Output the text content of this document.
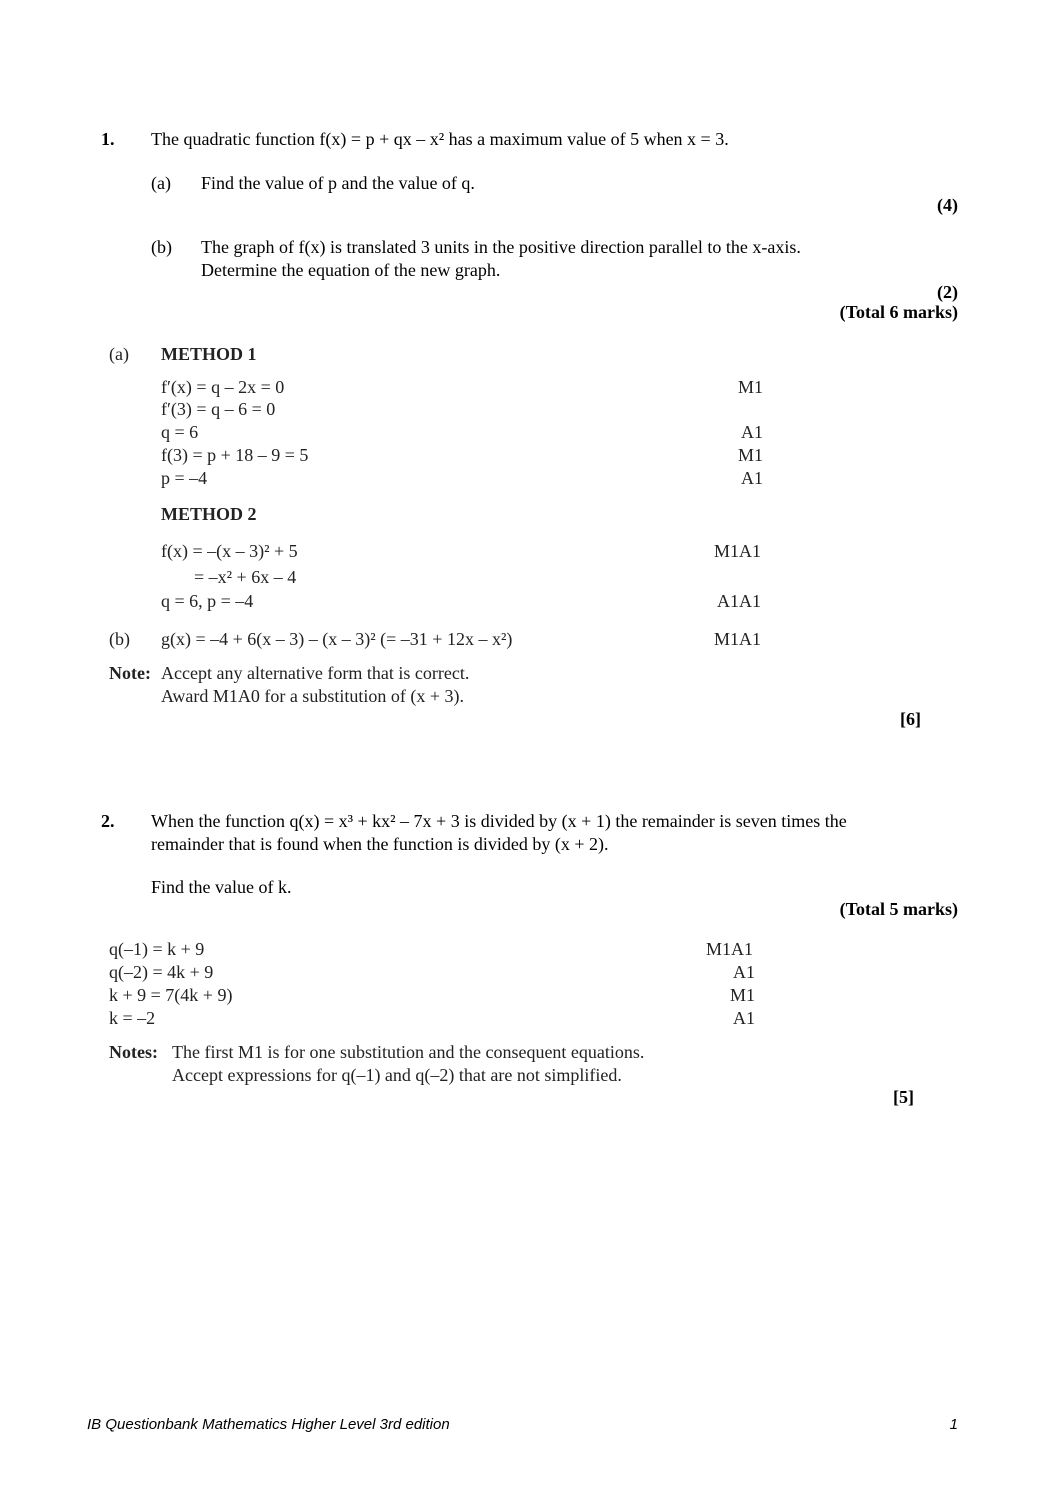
1. The quadratic function f(x) = p + qx – x² has a maximum value of 5 when x = 3.
(a) Find the value of p and the value of q.
(4)
(b) The graph of f(x) is translated 3 units in the positive direction parallel to the x-axis.
Determine the equation of the new graph.
(2)
(Total 6 marks)
(a) METHOD 1
f′(x) = q – 2x = 0	M1
f′(3) = q – 6 = 0
q = 6	A1
f(3) = p + 18 – 9 = 5	M1
p = –4	A1
METHOD 2
f(x) = –(x – 3)² + 5	M1A1
= –x² + 6x – 4
q = 6, p = –4	A1A1
(b) g(x) = –4 + 6(x – 3) – (x – 3)² (= –31 + 12x – x²)	M1A1
Note: Accept any alternative form that is correct.
Award M1A0 for a substitution of (x + 3).
[6]
2. When the function q(x) = x³ + kx² – 7x + 3 is divided by (x + 1) the remainder is seven times the
remainder that is found when the function is divided by (x + 2).
Find the value of k.
(Total 5 marks)
q(–1) = k + 9	M1A1
q(–2) = 4k + 9	A1
k + 9 = 7(4k + 9)	M1
k = –2	A1
Notes: The first M1 is for one substitution and the consequent equations.
Accept expressions for q(–1) and q(–2) that are not simplified.
[5]
IB Questionbank Mathematics Higher Level 3rd edition	1
